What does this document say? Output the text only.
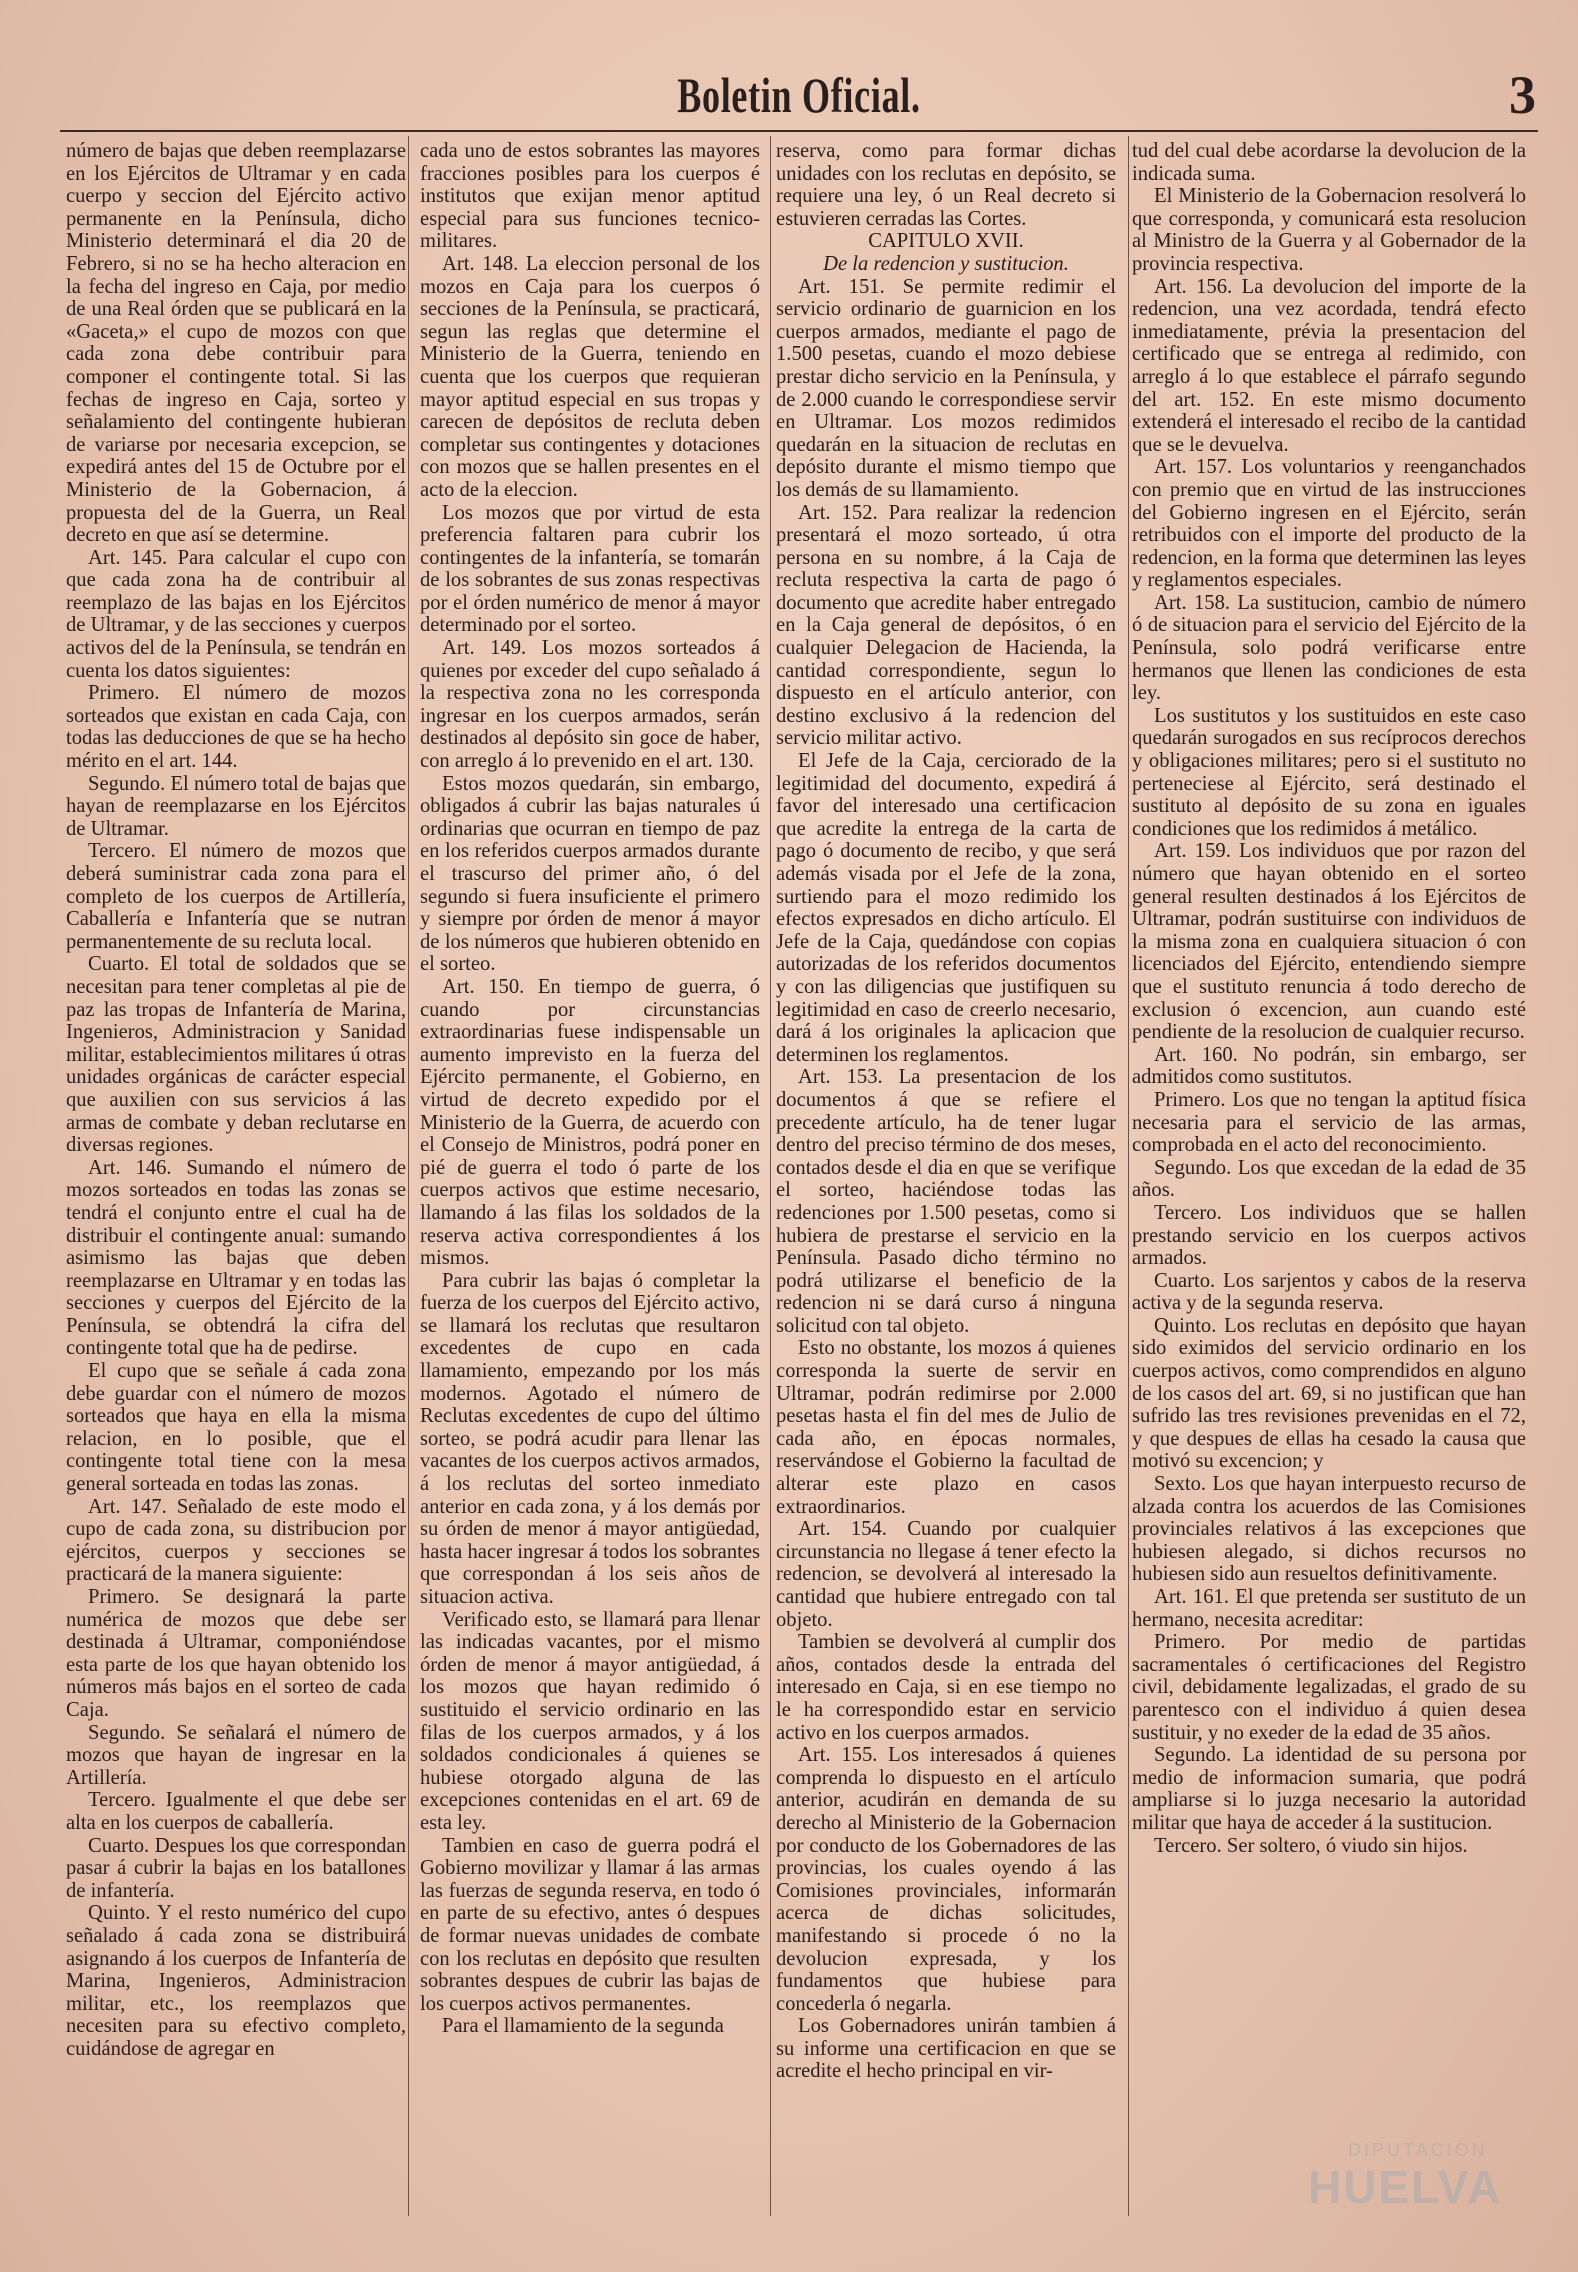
Boletin Oficial.	3

número de bajas que deben reemplazarse en los Ejércitos de Ultramar y en cada cuerpo y seccion del Ejército activo permanente en la Península, dicho Ministerio determinará el dia 20 de Febrero, si no se ha hecho alteracion en la fecha del ingreso en Caja, por medio de una Real órden que se publicará en la «Gaceta,» el cupo de mozos con que cada zona debe contribuir para componer el contingente total. Si las fechas de ingreso en Caja, sorteo y señalamiento del contingente hubieran de variarse por necesaria excepcion, se expedirá antes del 15 de Octubre por el Ministerio de la Gobernacion, á propuesta del de la Guerra, un Real decreto en que así se determine.

Art. 145. Para calcular el cupo con que cada zona ha de contribuir al reemplazo de las bajas en los Ejércitos de Ultramar, y de las secciones y cuerpos activos del de la Península, se tendrán en cuenta los datos siguientes:

Primero. El número de mozos sorteados que existan en cada Caja, con todas las deducciones de que se ha hecho mérito en el art. 144.

Segundo. El número total de bajas que hayan de reemplazarse en los Ejércitos de Ultramar.

Tercero. El número de mozos que deberá suministrar cada zona para el completo de los cuerpos de Artillería, Caballería e Infantería que se nutran permanentemente de su recluta local.

Cuarto. El total de soldados que se necesitan para tener completas al pie de paz las tropas de Infantería de Marina, Ingenieros, Administracion y Sanidad militar, establecimientos militares ú otras unidades orgánicas de carácter especial que auxilien con sus servicios á las armas de combate y deban reclutarse en diversas regiones.

Art. 146. Sumando el número de mozos sorteados en todas las zonas se tendrá el conjunto entre el cual ha de distribuir el contingente anual: sumando asimismo las bajas que deben reemplazarse en Ultramar y en todas las secciones y cuerpos del Ejército de la Península, se obtendrá la cifra del contingente total que ha de pedirse.

El cupo que se señale á cada zona debe guardar con el número de mozos sorteados que haya en ella la misma relacion, en lo posible, que el contingente total tiene con la mesa general sorteada en todas las zonas.

Art. 147. Señalado de este modo el cupo de cada zona, su distribucion por ejércitos, cuerpos y secciones se practicará de la manera siguiente:

Primero. Se designará la parte numérica de mozos que debe ser destinada á Ultramar, componiéndose esta parte de los que hayan obtenido los números más bajos en el sorteo de cada Caja.

Segundo. Se señalará el número de mozos que hayan de ingresar en la Artillería.

Tercero. Igualmente el que debe ser alta en los cuerpos de caballería.

Cuarto. Despues los que correspondan pasar á cubrir la bajas en los batallones de infantería.

Quinto. Y el resto numérico del cupo señalado á cada zona se distribuirá asignando á los cuerpos de Infantería de Marina, Ingenieros, Administracion militar, etc., los reemplazos que necesiten para su efectivo completo, cuidándose de agregar en

cada uno de estos sobrantes las mayores fracciones posibles para los cuerpos é institutos que exijan menor aptitud especial para sus funciones tecnico-militares.

Art. 148. La eleccion personal de los mozos en Caja para los cuerpos ó secciones de la Península, se practicará, segun las reglas que determine el Ministerio de la Guerra, teniendo en cuenta que los cuerpos que requieran mayor aptitud especial en sus tropas y carecen de depósitos de recluta deben completar sus contingentes y dotaciones con mozos que se hallen presentes en el acto de la eleccion.

Los mozos que por virtud de esta preferencia faltaren para cubrir los contingentes de la infantería, se tomarán de los sobrantes de sus zonas respectivas por el órden numérico de menor á mayor determinado por el sorteo.

Art. 149. Los mozos sorteados á quienes por exceder del cupo señalado á la respectiva zona no les corresponda ingresar en los cuerpos armados, serán destinados al depósito sin goce de haber, con arreglo á lo prevenido en el art. 130.

Estos mozos quedarán, sin embargo, obligados á cubrir las bajas naturales ú ordinarias que ocurran en tiempo de paz en los referidos cuerpos armados durante el trascurso del primer año, ó del segundo si fuera insuficiente el primero y siempre por órden de menor á mayor de los números que hubieren obtenido en el sorteo.

Art. 150. En tiempo de guerra, ó cuando por circunstancias extraordinarias fuese indispensable un aumento imprevisto en la fuerza del Ejército permanente, el Gobierno, en virtud de decreto expedido por el Ministerio de la Guerra, de acuerdo con el Consejo de Ministros, podrá poner en pié de guerra el todo ó parte de los cuerpos activos que estime necesario, llamando á las filas los soldados de la reserva activa correspondientes á los mismos.

Para cubrir las bajas ó completar la fuerza de los cuerpos del Ejército activo, se llamará los reclutas que resultaron excedentes de cupo en cada llamamiento, empezando por los más modernos. Agotado el número de Reclutas excedentes de cupo del último sorteo, se podrá acudir para llenar las vacantes de los cuerpos activos armados, á los reclutas del sorteo inmediato anterior en cada zona, y á los demás por su órden de menor á mayor antigüedad, hasta hacer ingresar á todos los sobrantes que correspondan á los seis años de situacion activa.

Verificado esto, se llamará para llenar las indicadas vacantes, por el mismo órden de menor á mayor antigüedad, á los mozos que hayan redimido ó sustituido el servicio ordinario en las filas de los cuerpos armados, y á los soldados condicionales á quienes se hubiese otorgado alguna de las excepciones contenidas en el art. 69 de esta ley.

Tambien en caso de guerra podrá el Gobierno movilizar y llamar á las armas las fuerzas de segunda reserva, en todo ó en parte de su efectivo, antes ó despues de formar nuevas unidades de combate con los reclutas en depósito que resulten sobrantes despues de cubrir las bajas de los cuerpos activos permanentes.

Para el llamamiento de la segunda

reserva, como para formar dichas unidades con los reclutas en depósito, se requiere una ley, ó un Real decreto si estuvieren cerradas las Cortes.

CAPITULO XVII.

De la redencion y sustitucion.

Art. 151. Se permite redimir el servicio ordinario de guarnicion en los cuerpos armados, mediante el pago de 1.500 pesetas, cuando el mozo debiese prestar dicho servicio en la Península, y de 2.000 cuando le correspondiese servir en Ultramar. Los mozos redimidos quedarán en la situacion de reclutas en depósito durante el mismo tiempo que los demás de su llamamiento.

Art. 152. Para realizar la redencion presentará el mozo sorteado, ú otra persona en su nombre, á la Caja de recluta respectiva la carta de pago ó documento que acredite haber entregado en la Caja general de depósitos, ó en cualquier Delegacion de Hacienda, la cantidad correspondiente, segun lo dispuesto en el artículo anterior, con destino exclusivo á la redencion del servicio militar activo.

El Jefe de la Caja, cerciorado de la legitimidad del documento, expedirá á favor del interesado una certificacion que acredite la entrega de la carta de pago ó documento de recibo, y que será además visada por el Jefe de la zona, surtiendo para el mozo redimido los efectos expresados en dicho artículo. El Jefe de la Caja, quedándose con copias autorizadas de los referidos documentos y con las diligencias que justifiquen su legitimidad en caso de creerlo necesario, dará á los originales la aplicacion que determinen los reglamentos.

Art. 153. La presentacion de los documentos á que se refiere el precedente artículo, ha de tener lugar dentro del preciso término de dos meses, contados desde el dia en que se verifique el sorteo, haciéndose todas las redenciones por 1.500 pesetas, como si hubiera de prestarse el servicio en la Península. Pasado dicho término no podrá utilizarse el beneficio de la redencion ni se dará curso á ninguna solicitud con tal objeto.

Esto no obstante, los mozos á quienes corresponda la suerte de servir en Ultramar, podrán redimirse por 2.000 pesetas hasta el fin del mes de Julio de cada año, en épocas normales, reservándose el Gobierno la facultad de alterar este plazo en casos extraordinarios.

Art. 154. Cuando por cualquier circunstancia no llegase á tener efecto la redencion, se devolverá al interesado la cantidad que hubiere entregado con tal objeto.

Tambien se devolverá al cumplir dos años, contados desde la entrada del interesado en Caja, si en ese tiempo no le ha correspondido estar en servicio activo en los cuerpos armados.

Art. 155. Los interesados á quienes comprenda lo dispuesto en el artículo anterior, acudirán en demanda de su derecho al Ministerio de la Gobernacion por conducto de los Gobernadores de las provincias, los cuales oyendo á las Comisiones provinciales, informarán acerca de dichas solicitudes, manifestando si procede ó no la devolucion expresada, y los fundamentos que hubiese para concederla ó negarla.

Los Gobernadores unirán tambien á su informe una certificacion en que se acredite el hecho principal en vir-

tud del cual debe acordarse la devolucion de la indicada suma.

El Ministerio de la Gobernacion resolverá lo que corresponda, y comunicará esta resolucion al Ministro de la Guerra y al Gobernador de la provincia respectiva.

Art. 156. La devolucion del importe de la redencion, una vez acordada, tendrá efecto inmediatamente, prévia la presentacion del certificado que se entrega al redimido, con arreglo á lo que establece el párrafo segundo del art. 152. En este mismo documento extenderá el interesado el recibo de la cantidad que se le devuelva.

Art. 157. Los voluntarios y reenganchados con premio que en virtud de las instrucciones del Gobierno ingresen en el Ejército, serán retribuidos con el importe del producto de la redencion, en la forma que determinen las leyes y reglamentos especiales.

Art. 158. La sustitucion, cambio de número ó de situacion para el servicio del Ejército de la Península, solo podrá verificarse entre hermanos que llenen las condiciones de esta ley.

Los sustitutos y los sustituidos en este caso quedarán surogados en sus recíprocos derechos y obligaciones militares; pero si el sustituto no perteneciese al Ejército, será destinado el sustituto al depósito de su zona en iguales condiciones que los redimidos á metálico.

Art. 159. Los individuos que por razon del número que hayan obtenido en el sorteo general resulten destinados á los Ejércitos de Ultramar, podrán sustituirse con individuos de la misma zona en cualquiera situacion ó con licenciados del Ejército, entendiendo siempre que el sustituto renuncia á todo derecho de exclusion ó excencion, aun cuando esté pendiente de la resolucion de cualquier recurso.

Art. 160. No podrán, sin embargo, ser admitidos como sustitutos.

Primero. Los que no tengan la aptitud física necesaria para el servicio de las armas, comprobada en el acto del reconocimiento.

Segundo. Los que excedan de la edad de 35 años.

Tercero. Los individuos que se hallen prestando servicio en los cuerpos activos armados.

Cuarto. Los sarjentos y cabos de la reserva activa y de la segunda reserva.

Quinto. Los reclutas en depósito que hayan sido eximidos del servicio ordinario en los cuerpos activos, como comprendidos en alguno de los casos del art. 69, si no justifican que han sufrido las tres revisiones prevenidas en el 72, y que despues de ellas ha cesado la causa que motivó su excencion; y

Sexto. Los que hayan interpuesto recurso de alzada contra los acuerdos de las Comisiones provinciales relativos á las excepciones que hubiesen alegado, si dichos recursos no hubiesen sido aun resueltos definitivamente.

Art. 161. El que pretenda ser sustituto de un hermano, necesita acreditar:

Primero. Por medio de partidas sacramentales ó certificaciones del Registro civil, debidamente legalizadas, el grado de su parentesco con el individuo á quien desea sustituir, y no exeder de la edad de 35 años.

Segundo. La identidad de su persona por medio de informacion sumaria, que podrá ampliarse si lo juzga necesario la autoridad militar que haya de acceder á la sustitucion.

Tercero. Ser soltero, ó viudo sin hijos.

DIPUTACION
HUELVA
